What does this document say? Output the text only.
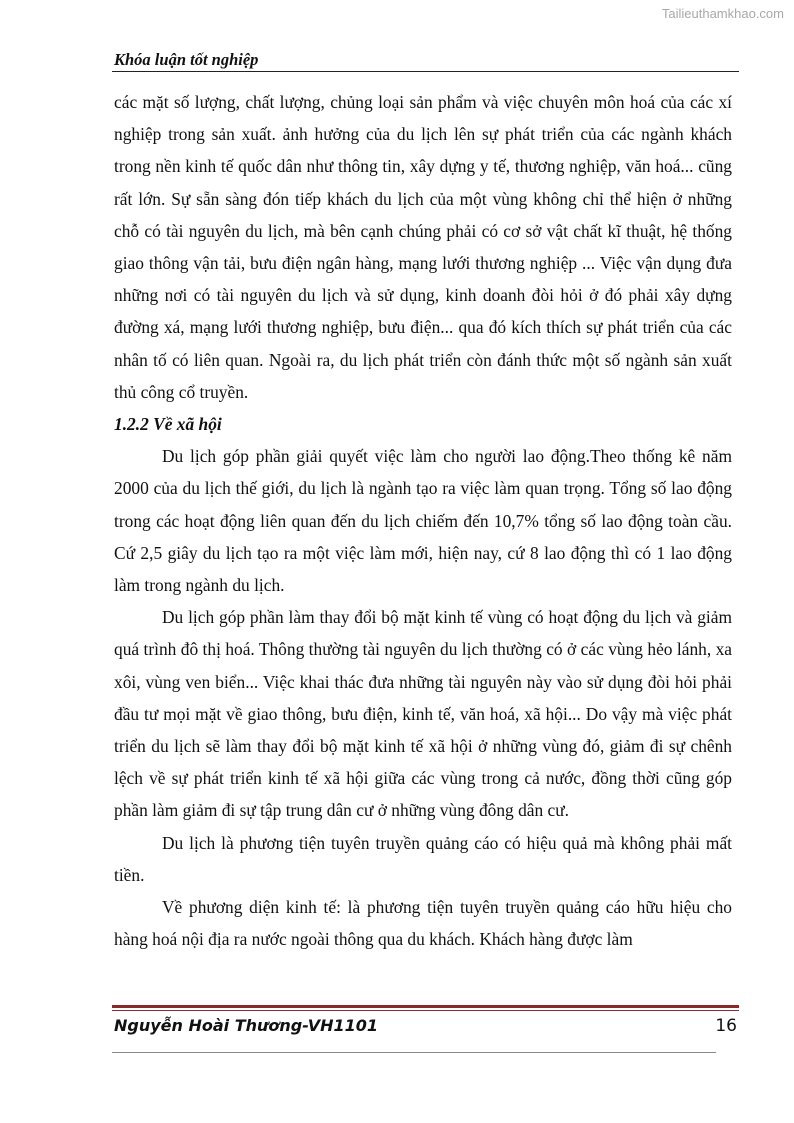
Tailieuthamkhao.com
Khóa luận tốt nghiệp

các mặt số lượng, chất lượng, chủng loại sản phẩm và việc chuyên môn hoá của các xí nghiệp trong sản xuất. ảnh hưởng của du lịch lên sự phát triển của các ngành khách trong nền kinh tế quốc dân như thông tin, xây dựng y tế, thương nghiệp, văn hoá... cũng rất lớn. Sự sẵn sàng đón tiếp khách du lịch của một vùng không chỉ thể hiện ở những chỗ có tài nguyên du lịch, mà bên cạnh chúng phải có cơ sở vật chất kĩ thuật, hệ thống giao thông vận tải, bưu điện ngân hàng, mạng lưới thương nghiệp ... Việc vận dụng đưa những nơi có tài nguyên du lịch và sử dụng, kinh doanh đòi hỏi ở đó phải xây dựng đường xá, mạng lưới thương nghiệp, bưu điện... qua đó kích thích sự phát triển của các nhân tố có liên quan. Ngoài ra, du lịch phát triển còn đánh thức một số ngành sản xuất thủ công cổ truyền.

1.2.2 Về xã hội

Du lịch góp phần giải quyết việc làm cho người lao động.Theo thống kê năm 2000 của du lịch thế giới, du lịch là ngành tạo ra việc làm quan trọng. Tổng số lao động trong các hoạt động liên quan đến du lịch chiếm đến 10,7% tổng số lao động toàn cầu. Cứ 2,5 giây du lịch tạo ra một việc làm mới, hiện nay, cứ 8 lao động thì có 1 lao động làm trong ngành du lịch.

Du lịch góp phần làm thay đổi bộ mặt kinh tế vùng có hoạt động du lịch và giảm quá trình đô thị hoá. Thông thường tài nguyên du lịch thường có ở các vùng hẻo lánh, xa xôi, vùng ven biển... Việc khai thác đưa những tài nguyên này vào sử dụng đòi hỏi phải đầu tư mọi mặt về giao thông, bưu điện, kinh tế, văn hoá, xã hội... Do vậy mà việc phát triển du lịch sẽ làm thay đổi bộ mặt kinh tế xã hội ở những vùng đó, giảm đi sự chênh lệch về sự phát triển kinh tế xã hội giữa các vùng trong cả nước, đồng thời cũng góp phần làm giảm đi sự tập trung dân cư ở những vùng đông dân cư.

Du lịch là phương tiện tuyên truyền quảng cáo có hiệu quả mà không phải mất tiền.

Về phương diện kinh tế: là phương tiện tuyên truyền quảng cáo hữu hiệu cho hàng hoá nội địa ra nước ngoài thông qua du khách. Khách hàng được làm

Nguyễn Hoài Thương-VH1101	16
